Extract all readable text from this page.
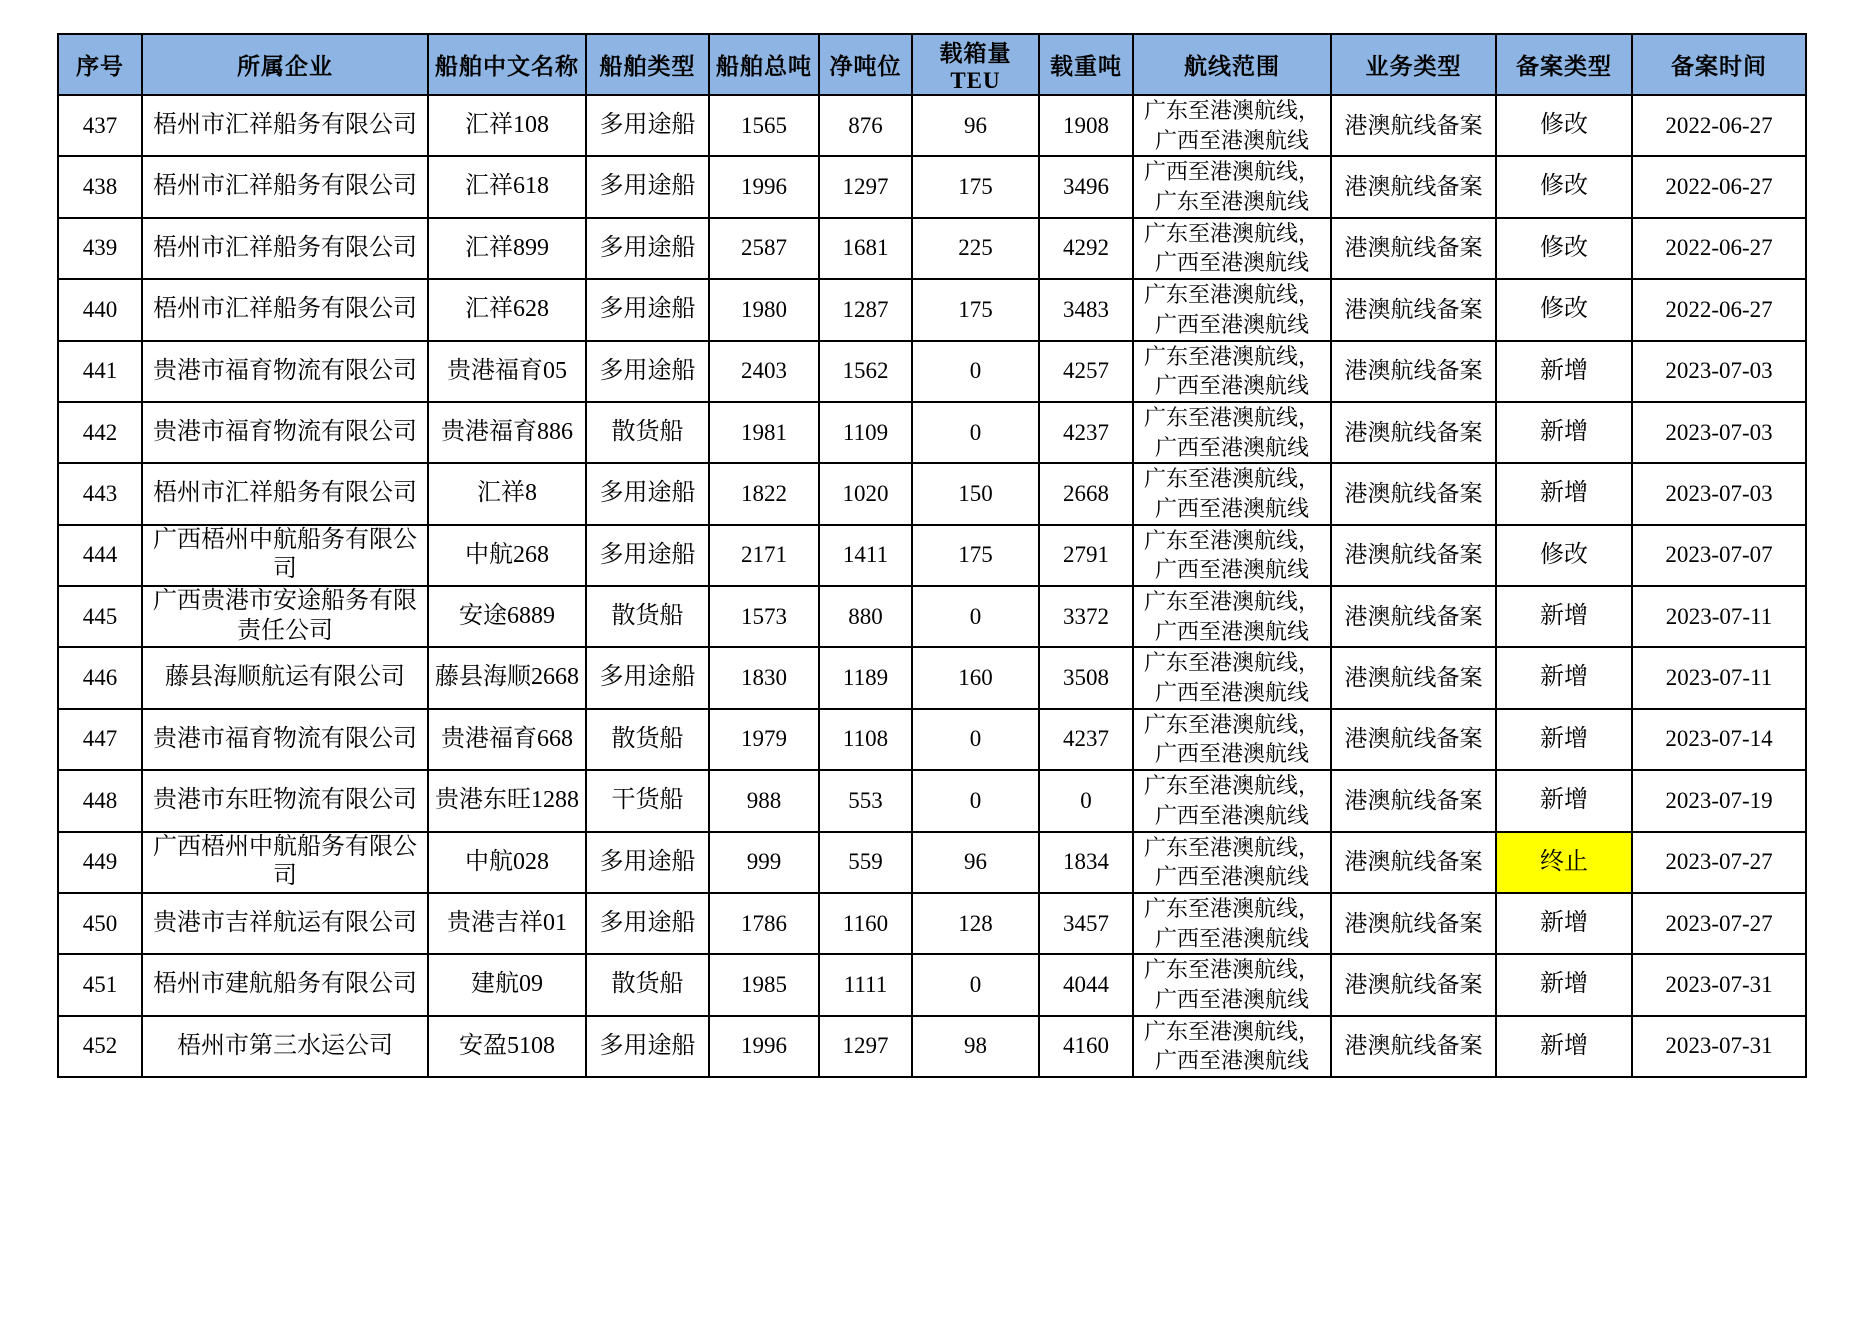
序号	所属企业	船舶中文名称	船舶类型	船舶总吨	净吨位	载箱量TEU	载重吨	航线范围	业务类型	备案类型	备案时间
437	梧州市汇祥船务有限公司	汇祥108	多用途船	1565	876	96	1908	广东至港澳航线，广西至港澳航线	港澳航线备案	修改	2022-06-27
438	梧州市汇祥船务有限公司	汇祥618	多用途船	1996	1297	175	3496	广西至港澳航线，广东至港澳航线	港澳航线备案	修改	2022-06-27
439	梧州市汇祥船务有限公司	汇祥899	多用途船	2587	1681	225	4292	广东至港澳航线，广西至港澳航线	港澳航线备案	修改	2022-06-27
440	梧州市汇祥船务有限公司	汇祥628	多用途船	1980	1287	175	3483	广东至港澳航线，广西至港澳航线	港澳航线备案	修改	2022-06-27
441	贵港市福育物流有限公司	贵港福育05	多用途船	2403	1562	0	4257	广东至港澳航线，广西至港澳航线	港澳航线备案	新增	2023-07-03
442	贵港市福育物流有限公司	贵港福育886	散货船	1981	1109	0	4237	广东至港澳航线，广西至港澳航线	港澳航线备案	新增	2023-07-03
443	梧州市汇祥船务有限公司	汇祥8	多用途船	1822	1020	150	2668	广东至港澳航线，广西至港澳航线	港澳航线备案	新增	2023-07-03
444	广西梧州中航船务有限公司	中航268	多用途船	2171	1411	175	2791	广东至港澳航线，广西至港澳航线	港澳航线备案	修改	2023-07-07
445	广西贵港市安途船务有限责任公司	安途6889	散货船	1573	880	0	3372	广东至港澳航线，广西至港澳航线	港澳航线备案	新增	2023-07-11
446	藤县海顺航运有限公司	藤县海顺2668	多用途船	1830	1189	160	3508	广东至港澳航线，广西至港澳航线	港澳航线备案	新增	2023-07-11
447	贵港市福育物流有限公司	贵港福育668	散货船	1979	1108	0	4237	广东至港澳航线，广西至港澳航线	港澳航线备案	新增	2023-07-14
448	贵港市东旺物流有限公司	贵港东旺1288	干货船	988	553	0	0	广东至港澳航线，广西至港澳航线	港澳航线备案	新增	2023-07-19
449	广西梧州中航船务有限公司	中航028	多用途船	999	559	96	1834	广东至港澳航线，广西至港澳航线	港澳航线备案	终止	2023-07-27
450	贵港市吉祥航运有限公司	贵港吉祥01	多用途船	1786	1160	128	3457	广东至港澳航线，广西至港澳航线	港澳航线备案	新增	2023-07-27
451	梧州市建航船务有限公司	建航09	散货船	1985	1111	0	4044	广东至港澳航线，广西至港澳航线	港澳航线备案	新增	2023-07-31
452	梧州市第三水运公司	安盈5108	多用途船	1996	1297	98	4160	广东至港澳航线，广西至港澳航线	港澳航线备案	新增	2023-07-31
